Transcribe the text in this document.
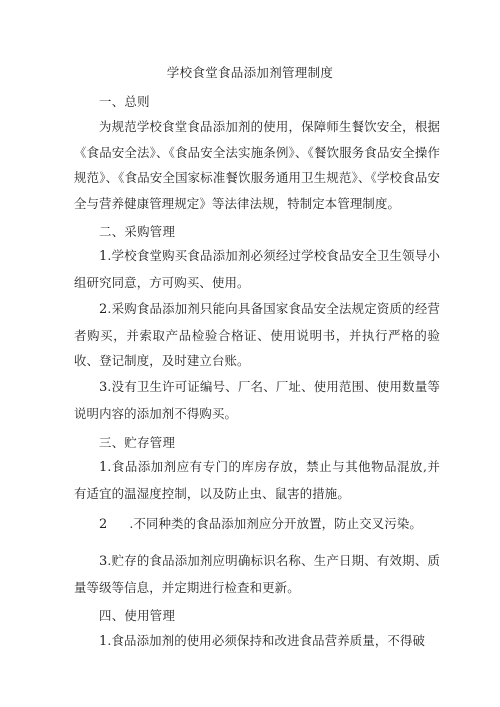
学校食堂食品添加剂管理制度
一、总则
为规范学校食堂食品添加剂的使用，保障师生餐饮安全，根据《食品安全法》、《食品安全法实施条例》、《餐饮服务食品安全操作规范》、《食品安全国家标准餐饮服务通用卫生规范》、《学校食品安全与营养健康管理规定》等法律法规，特制定本管理制度。
二、采购管理
1.学校食堂购买食品添加剂必须经过学校食品安全卫生领导小组研究同意，方可购买、使用。
2.采购食品添加剂只能向具备国家食品安全法规定资质的经营者购买，并索取产品检验合格证、使用说明书，并执行严格的验收、登记制度，及时建立台账。
3.没有卫生许可证编号、厂名、厂址、使用范围、使用数量等说明内容的添加剂不得购买。
三、贮存管理
1.食品添加剂应有专门的库房存放，禁止与其他物品混放,并有适宜的温湿度控制，以及防止虫、鼠害的措施。
2 .不同种类的食品添加剂应分开放置，防止交叉污染。
3.贮存的食品添加剂应明确标识名称、生产日期、有效期、质量等级等信息，并定期进行检查和更新。
四、使用管理
1.食品添加剂的使用必须保持和改进食品营养质量，不得破
